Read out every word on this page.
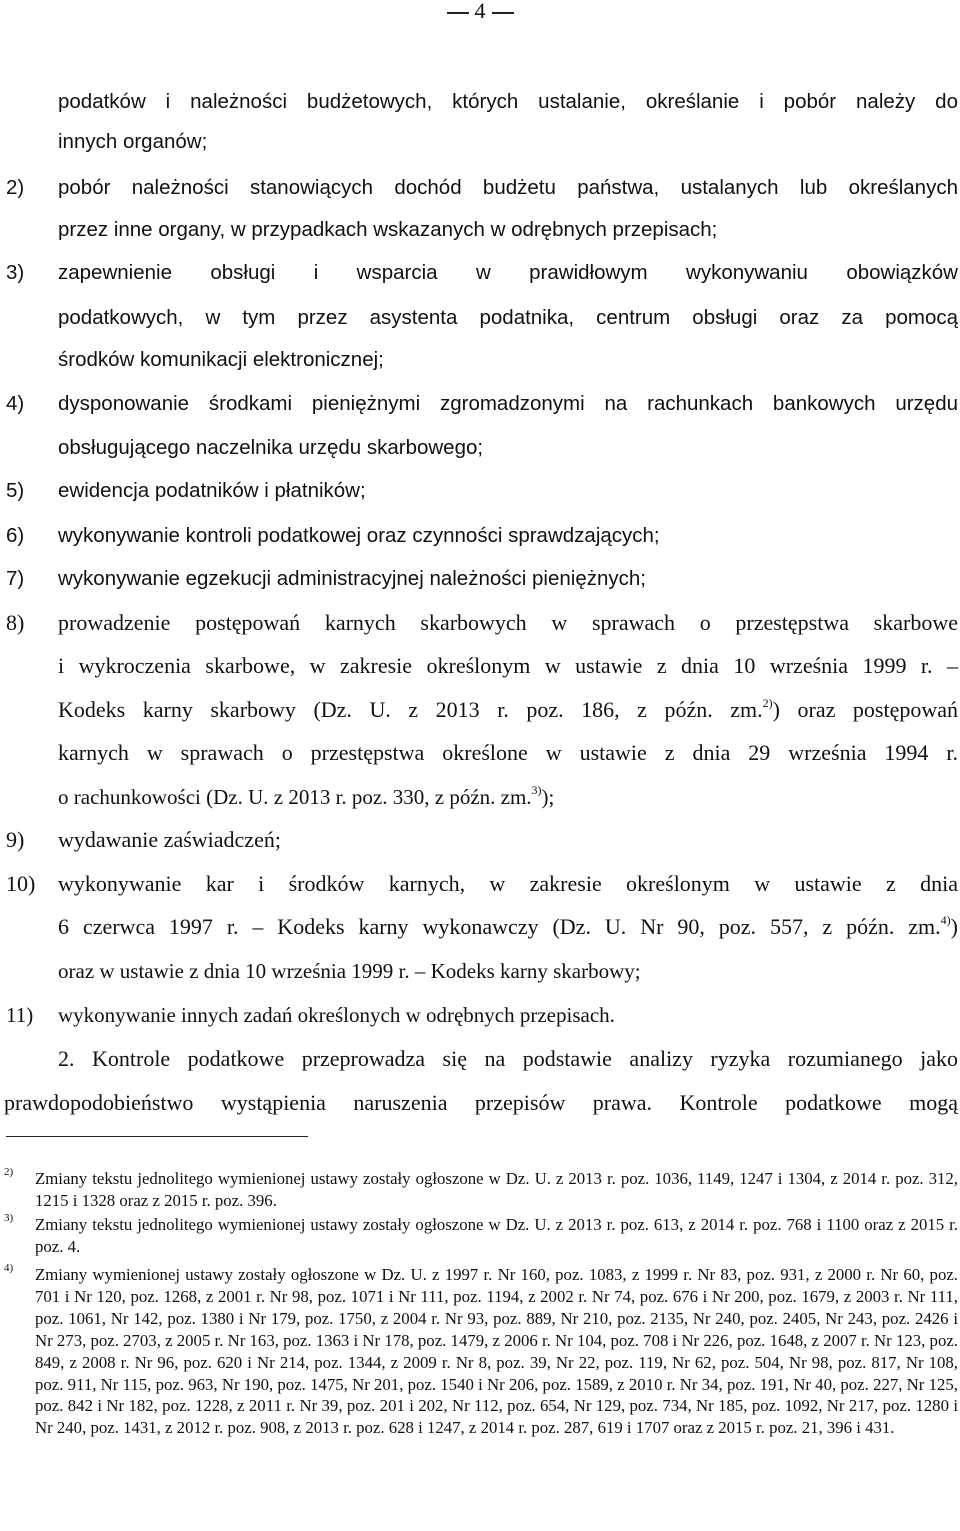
4
podatków i należności budżetowych, których ustalanie, określanie i pobór należy do
innych organów;
2) pobór należności stanowiących dochód budżetu państwa, ustalanych lub określanych
przez inne organy, w przypadkach wskazanych w odrębnych przepisach;
3) zapewnienie obsługi i wsparcia w prawidłowym wykonywaniu obowiązków
podatkowych, w tym przez asystenta podatnika, centrum obsługi oraz za pomocą
środków komunikacji elektronicznej;
4) dysponowanie środkami pieniężnymi zgromadzonymi na rachunkach bankowych urzędu
obsługującego naczelnika urzędu skarbowego;
5) ewidencja podatników i płatników;
6) wykonywanie kontroli podatkowej oraz czynności sprawdzających;
7) wykonywanie egzekucji administracyjnej należności pieniężnych;
8) prowadzenie postępowań karnych skarbowych w sprawach o przestępstwa skarbowe
i wykroczenia skarbowe, w zakresie określonym w ustawie z dnia 10 września 1999 r. –
Kodeks karny skarbowy (Dz. U. z 2013 r. poz. 186, z późn. zm.$^{2)}$) oraz postępowań
karnych w sprawach o przestępstwa określone w ustawie z dnia 29 września 1994 r.
o rachunkowości (Dz. U. z 2013 r. poz. 330, z późn. zm.$^{3)}$);
9) wydawanie zaświadczeń;
10) wykonywanie kar i środków karnych, w zakresie określonym w ustawie z dnia
6 czerwca 1997 r. – Kodeks karny wykonawczy (Dz. U. Nr 90, poz. 557, z późn. zm.$^{4)}$)
oraz w ustawie z dnia 10 września 1999 r. – Kodeks karny skarbowy;
11) wykonywanie innych zadań określonych w odrębnych przepisach.
2. Kontrole podatkowe przeprowadza się na podstawie analizy ryzyka rozumianego jako
prawdopodobieństwo wystąpienia naruszenia przepisów prawa. Kontrole podatkowe mogą
2) Zmiany tekstu jednolitego wymienionej ustawy zostały ogłoszone w Dz. U. z 2013 r. poz. 1036, 1149, 1247 i 1304, z 2014 r. poz. 312, 1215 i 1328 oraz z 2015 r. poz. 396.
3) Zmiany tekstu jednolitego wymienionej ustawy zostały ogłoszone w Dz. U. z 2013 r. poz. 613, z 2014 r. poz. 768 i 1100 oraz z 2015 r. poz. 4.
4) Zmiany wymienionej ustawy zostały ogłoszone w Dz. U. z 1997 r. Nr 160, poz. 1083, z 1999 r. Nr 83, poz. 931, z 2000 r. Nr 60, poz. 701 i Nr 120, poz. 1268, z 2001 r. Nr 98, poz. 1071 i Nr 111, poz. 1194, z 2002 r. Nr 74, poz. 676 i Nr 200, poz. 1679, z 2003 r. Nr 111, poz. 1061, Nr 142, poz. 1380 i Nr 179, poz. 1750, z 2004 r. Nr 93, poz. 889, Nr 210, poz. 2135, Nr 240, poz. 2405, Nr 243, poz. 2426 i Nr 273, poz. 2703, z 2005 r. Nr 163, poz. 1363 i Nr 178, poz. 1479, z 2006 r. Nr 104, poz. 708 i Nr 226, poz. 1648, z 2007 r. Nr 123, poz. 849, z 2008 r. Nr 96, poz. 620 i Nr 214, poz. 1344, z 2009 r. Nr 8, poz. 39, Nr 22, poz. 119, Nr 62, poz. 504, Nr 98, poz. 817, Nr 108, poz. 911, Nr 115, poz. 963, Nr 190, poz. 1475, Nr 201, poz. 1540 i Nr 206, poz. 1589, z 2010 r. Nr 34, poz. 191, Nr 40, poz. 227, Nr 125, poz. 842 i Nr 182, poz. 1228, z 2011 r. Nr 39, poz. 201 i 202, Nr 112, poz. 654, Nr 129, poz. 734, Nr 185, poz. 1092, Nr 217, poz. 1280 i Nr 240, poz. 1431, z 2012 r. poz. 908, z 2013 r. poz. 628 i 1247, z 2014 r. poz. 287, 619 i 1707 oraz z 2015 r. poz. 21, 396 i 431.
